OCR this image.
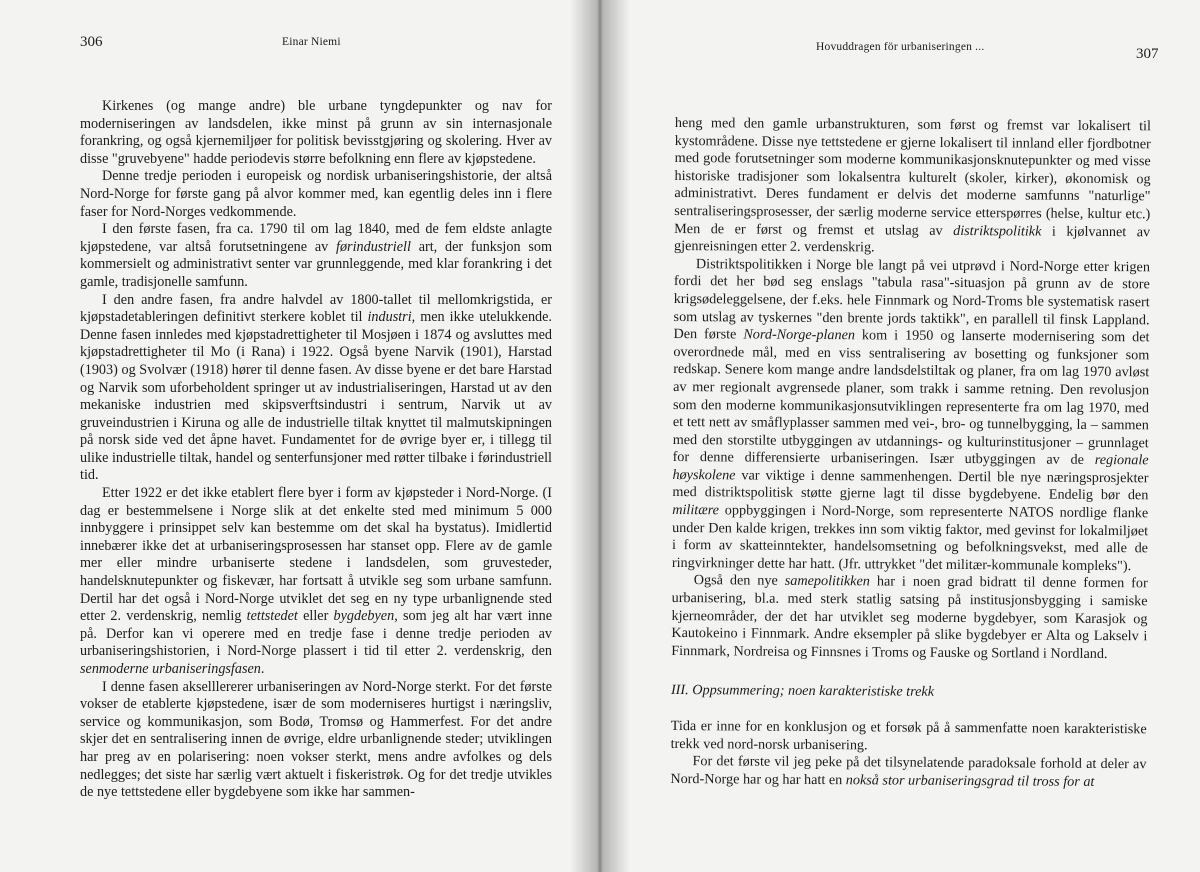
306	Einar Niemi

Kirkenes (og mange andre) ble urbane tyngdepunkter og nav for moderniseringen av landsdelen, ikke minst på grunn av sin internasjonale forankring, og også kjernemiljøer for politisk bevisstgjøring og skolering. Hver av disse "gruvebyene" hadde periodevis større befolkning enn flere av kjøpstedene.

Denne tredje perioden i europeisk og nordisk urbaniseringshistorie, der altså Nord-Norge for første gang på alvor kommer med, kan egentlig deles inn i flere faser for Nord-Norges vedkommende.

I den første fasen, fra ca. 1790 til om lag 1840, med de fem eldste anlagte kjøpstedene, var altså forutsetningene av førindustriell art, der funksjon som kommersielt og administrativt senter var grunnleggende, med klar forankring i det gamle, tradisjonelle samfunn.

I den andre fasen, fra andre halvdel av 1800-tallet til mellomkrigstida, er kjøpstadetableringen definitivt sterkere koblet til industri, men ikke utelukkende. Denne fasen innledes med kjøpstadrettigheter til Mosjøen i 1874 og avsluttes med kjøpstadrettigheter til Mo (i Rana) i 1922. Også byene Narvik (1901), Harstad (1903) og Svolvær (1918) hører til denne fasen. Av disse byene er det bare Harstad og Narvik som uforbeholdent springer ut av industrialiseringen, Harstad ut av den mekaniske industrien med skipsverftsindustri i sentrum, Narvik ut av gruveindustrien i Kiruna og alle de industrielle tiltak knyttet til malmutskipningen på norsk side ved det åpne havet. Fundamentet for de øvrige byer er, i tillegg til ulike industrielle tiltak, handel og senterfunsjoner med røtter tilbake i førindustriell tid.

Etter 1922 er det ikke etablert flere byer i form av kjøpsteder i Nord-Norge. (I dag er bestemmelsene i Norge slik at det enkelte sted med minimum 5 000 innbyggere i prinsippet selv kan bestemme om det skal ha bystatus). Imidlertid innebærer ikke det at urbaniseringsprosessen har stanset opp. Flere av de gamle mer eller mindre urbaniserte stedene i landsdelen, som gruvesteder, handelsknutepunkter og fiskevær, har fortsatt å utvikle seg som urbane samfunn. Dertil har det også i Nord-Norge utviklet det seg en ny type urbanlignende sted etter 2. verdenskrig, nemlig tettstedet eller bygdebyen, som jeg alt har vært inne på. Derfor kan vi operere med en tredje fase i denne tredje perioden av urbaniseringshistorien, i Nord-Norge plassert i tid til etter 2. verdenskrig, den senmoderne urbaniseringsfasen.

I denne fasen akselllererer urbaniseringen av Nord-Norge sterkt. For det første vokser de etablerte kjøpstedene, især de som moderniseres hurtigst i næringsliv, service og kommunikasjon, som Bodø, Tromsø og Hammerfest. For det andre skjer det en sentralisering innen de øvrige, eldre urbanlignende steder; utviklingen har preg av en polarisering: noen vokser sterkt, mens andre avfolkes og dels nedlegges; det siste har særlig vært aktuelt i fiskeristrøk. Og for det tredje utvikles de nye tettstedene eller bygdebyene som ikke har sammen-

Hovuddragen för urbaniseringen ...	307

heng med den gamle urbanstrukturen, som først og fremst var lokalisert til kystområdene. Disse nye tettstedene er gjerne lokalisert til innland eller fjordbotner med gode forutsetninger som moderne kommunikasjonsknutepunkter og med visse historiske tradisjoner som lokalsentra kulturelt (skoler, kirker), økonomisk og administrativt. Deres fundament er delvis det moderne samfunns "naturlige" sentraliseringsprosesser, der særlig moderne service etterspørres (helse, kultur etc.) Men de er først og fremst et utslag av distriktspolitikk i kjølvannet av gjenreisningen etter 2. verdenskrig.

Distriktspolitikken i Norge ble langt på vei utprøvd i Nord-Norge etter krigen fordi det her bød seg enslags "tabula rasa"-situasjon på grunn av de store krigsødeleggelsene, der f.eks. hele Finnmark og Nord-Troms ble systematisk rasert som utslag av tyskernes "den brente jords taktikk", en parallell til finsk Lappland. Den første Nord-Norge-planen kom i 1950 og lanserte modernisering som det overordnede mål, med en viss sentralisering av bosetting og funksjoner som redskap. Senere kom mange andre landsdelstiltak og planer, fra om lag 1970 avløst av mer regionalt avgrensede planer, som trakk i samme retning. Den revolusjon som den moderne kommunikasjonsutviklingen representerte fra om lag 1970, med et tett nett av småflyplasser sammen med vei-, bro- og tunnelbygging, la – sammen med den storstilte utbyggingen av utdannings- og kulturinstitusjoner – grunnlaget for denne differensierte urbaniseringen. Især utbyggingen av de regionale høyskolene var viktige i denne sammenhengen. Dertil ble nye næringsprosjekter med distriktspolitisk støtte gjerne lagt til disse bygdebyene. Endelig bør den militære oppbyggingen i Nord-Norge, som representerte NATOS nordlige flanke under Den kalde krigen, trekkes inn som viktig faktor, med gevinst for lokalmiljøet i form av skatteinntekter, handelsomsetning og befolkningsvekst, med alle de ringvirkninger dette har hatt. (Jfr. uttrykket "det militær-kommunale kompleks").

Også den nye samepolitikken har i noen grad bidratt til denne formen for urbanisering, bl.a. med sterk statlig satsing på institusjonsbygging i samiske kjerneområder, der det har utviklet seg moderne bygdebyer, som Karasjok og Kautokeino i Finnmark. Andre eksempler på slike bygdebyer er Alta og Lakselv i Finnmark, Nordreisa og Finnsnes i Troms og Fauske og Sortland i Nordland.

III. Oppsummering; noen karakteristiske trekk

Tida er inne for en konklusjon og et forsøk på å sammenfatte noen karakteristiske trekk ved nord-norsk urbanisering.

For det første vil jeg peke på det tilsynelatende paradoksale forhold at deler av Nord-Norge har og har hatt en nokså stor urbaniseringsgrad til tross for at
